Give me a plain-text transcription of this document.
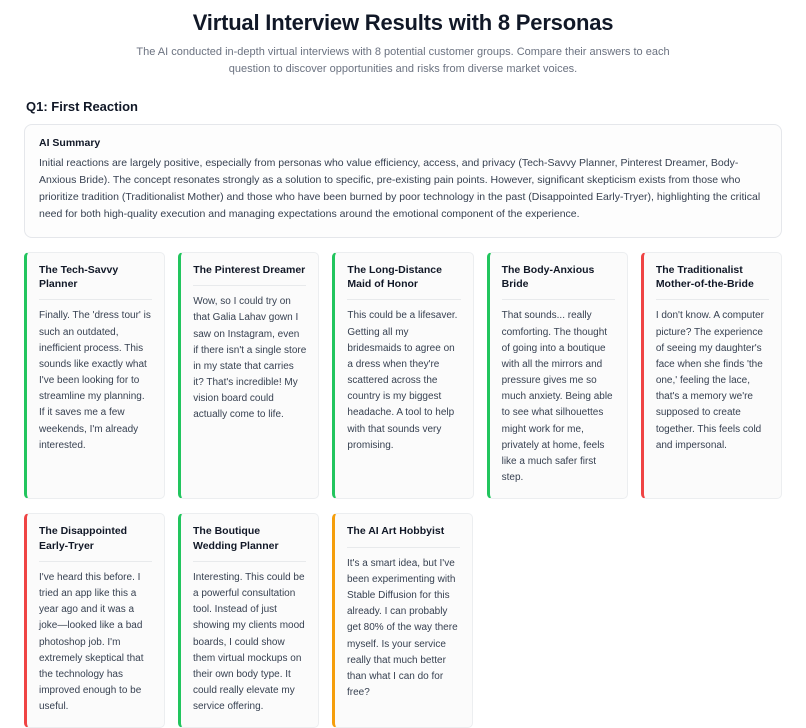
Virtual Interview Results with 8 Personas

The AI conducted in-depth virtual interviews with 8 potential customer groups. Compare their answers to each question to discover opportunities and risks from diverse market voices.

Q1: First Reaction
AI Summary
Initial reactions are largely positive, especially from personas who value efficiency, access, and privacy (Tech-Savvy Planner, Pinterest Dreamer, Body-Anxious Bride). The concept resonates strongly as a solution to specific, pre-existing pain points. However, significant skepticism exists from those who prioritize tradition (Traditionalist Mother) and those who have been burned by poor technology in the past (Disappointed Early-Tryer), highlighting the critical need for both high-quality execution and managing expectations around the emotional component of the experience.
The Tech-Savvy Planner
Finally. The 'dress tour' is such an outdated, inefficient process. This sounds like exactly what I've been looking for to streamline my planning. If it saves me a few weekends, I'm already interested.
The Pinterest Dreamer
Wow, so I could try on that Galia Lahav gown I saw on Instagram, even if there isn't a single store in my state that carries it? That's incredible! My vision board could actually come to life.
The Long-Distance Maid of Honor
This could be a lifesaver. Getting all my bridesmaids to agree on a dress when they're scattered across the country is my biggest headache. A tool to help with that sounds very promising.
The Body-Anxious Bride
That sounds... really comforting. The thought of going into a boutique with all the mirrors and pressure gives me so much anxiety. Being able to see what silhouettes might work for me, privately at home, feels like a much safer first step.
The Traditionalist Mother-of-the-Bride
I don't know. A computer picture? The experience of seeing my daughter's face when she finds 'the one,' feeling the lace, that's a memory we're supposed to create together. This feels cold and impersonal.
The Disappointed Early-Tryer
I've heard this before. I tried an app like this a year ago and it was a joke—looked like a bad photoshop job. I'm extremely skeptical that the technology has improved enough to be useful.
The Boutique Wedding Planner
Interesting. This could be a powerful consultation tool. Instead of just showing my clients mood boards, I could show them virtual mockups on their own body type. It could really elevate my service offering.
The AI Art Hobbyist
It's a smart idea, but I've been experimenting with Stable Diffusion for this already. I can probably get 80% of the way there myself. Is your service really that much better than what I can do for free?
